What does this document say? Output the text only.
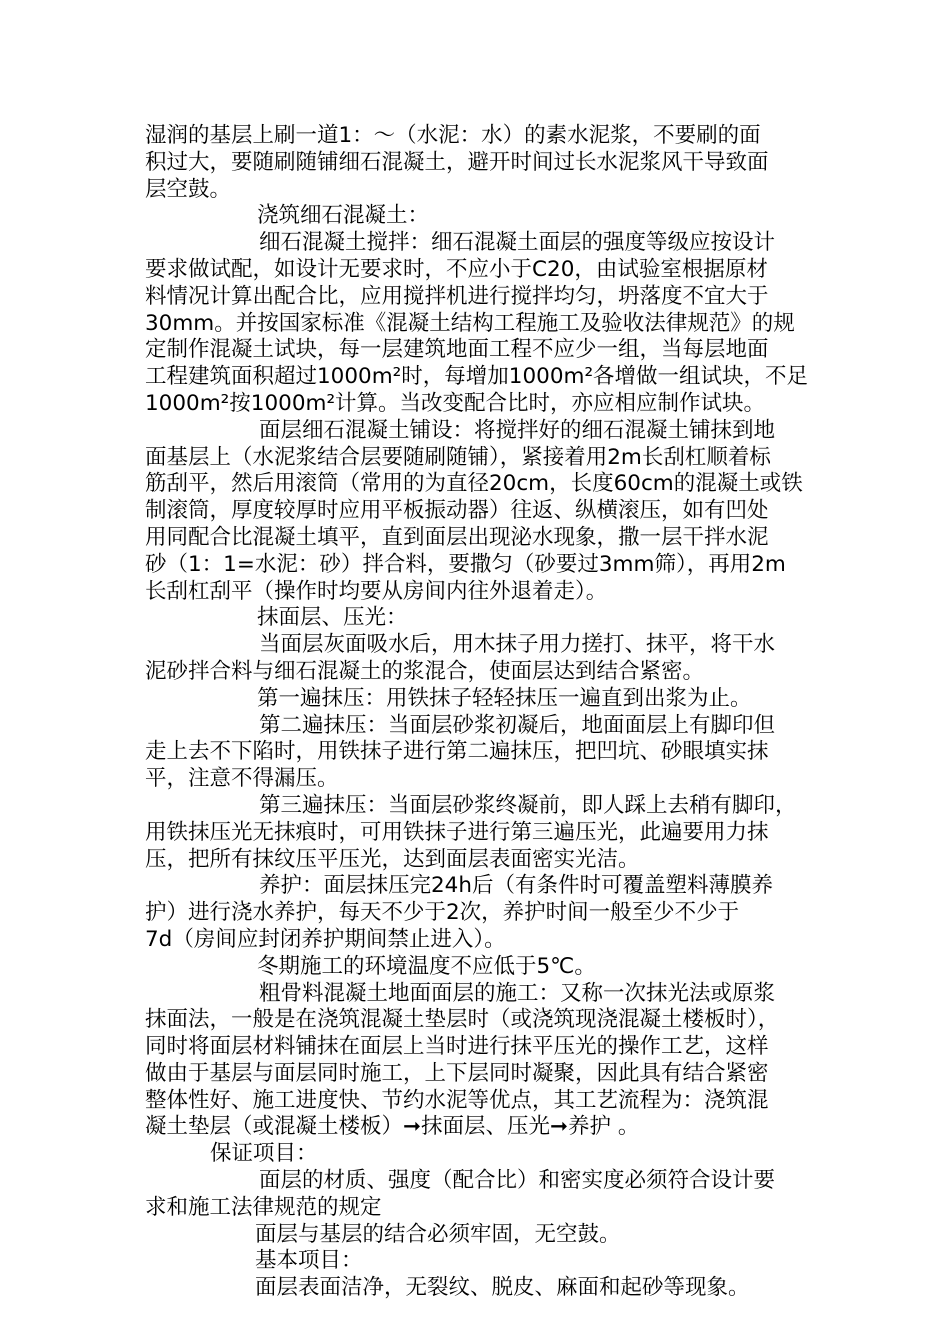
湿润的基层上刷一道1：～（水泥：水）的素水泥浆，不要刷的面
积过大，要随刷随铺细石混凝土，避开时间过长水泥浆风干导致面
层空鼓。
浇筑细石混凝土：
细石混凝土搅拌：细石混凝土面层的强度等级应按设计
要求做试配，如设计无要求时，不应小于C20，由试验室根据原材
料情况计算出配合比，应用搅拌机进行搅拌均匀，坍落度不宜大于
30mm。并按国家标准《混凝土结构工程施工及验收法律规范》的规
定制作混凝土试块，每一层建筑地面工程不应少一组，当每层地面
工程建筑面积超过1000m²时，每增加1000m²各增做一组试块，不足
1000m²按1000m²计算。当改变配合比时，亦应相应制作试块。
面层细石混凝土铺设：将搅拌好的细石混凝土铺抹到地
面基层上（水泥浆结合层要随刷随铺），紧接着用2m长刮杠顺着标
筋刮平，然后用滚筒（常用的为直径20cm，长度60cm的混凝土或铁
制滚筒，厚度较厚时应用平板振动器）往返、纵横滚压，如有凹处
用同配合比混凝土填平，直到面层出现泌水现象，撒一层干拌水泥
砂（1：1=水泥：砂）拌合料，要撒匀（砂要过3mm筛），再用2m
长刮杠刮平（操作时均要从房间内往外退着走）。
抹面层、压光：
当面层灰面吸水后，用木抹子用力搓打、抹平，将干水
泥砂拌合料与细石混凝土的浆混合，使面层达到结合紧密。
第一遍抹压：用铁抹子轻轻抹压一遍直到出浆为止。
第二遍抹压：当面层砂浆初凝后，地面面层上有脚印但
走上去不下陷时，用铁抹子进行第二遍抹压，把凹坑、砂眼填实抹
平，注意不得漏压。
第三遍抹压：当面层砂浆终凝前，即人踩上去稍有脚印，
用铁抹压光无抹痕时，可用铁抹子进行第三遍压光，此遍要用力抹
压，把所有抹纹压平压光，达到面层表面密实光洁。
养护：面层抹压完24h后（有条件时可覆盖塑料薄膜养
护）进行浇水养护，每天不少于2次，养护时间一般至少不少于
7d（房间应封闭养护期间禁止进入）。
冬期施工的环境温度不应低于5℃。
粗骨料混凝土地面面层的施工：又称一次抹光法或原浆
抹面法，一般是在浇筑混凝土垫层时（或浇筑现浇混凝土楼板时），
同时将面层材料铺抹在面层上当时进行抹平压光的操作工艺，这样
做由于基层与面层同时施工，上下层同时凝聚，因此具有结合紧密
整体性好、施工进度快、节约水泥等优点，其工艺流程为：浇筑混
凝土垫层（或混凝土楼板）➞抹面层、压光➞养护 。
保证项目：
面层的材质、强度（配合比）和密实度必须符合设计要
求和施工法律规范的规定
面层与基层的结合必须牢固，无空鼓。
基本项目：
面层表面洁净，无裂纹、脱皮、麻面和起砂等现象。
